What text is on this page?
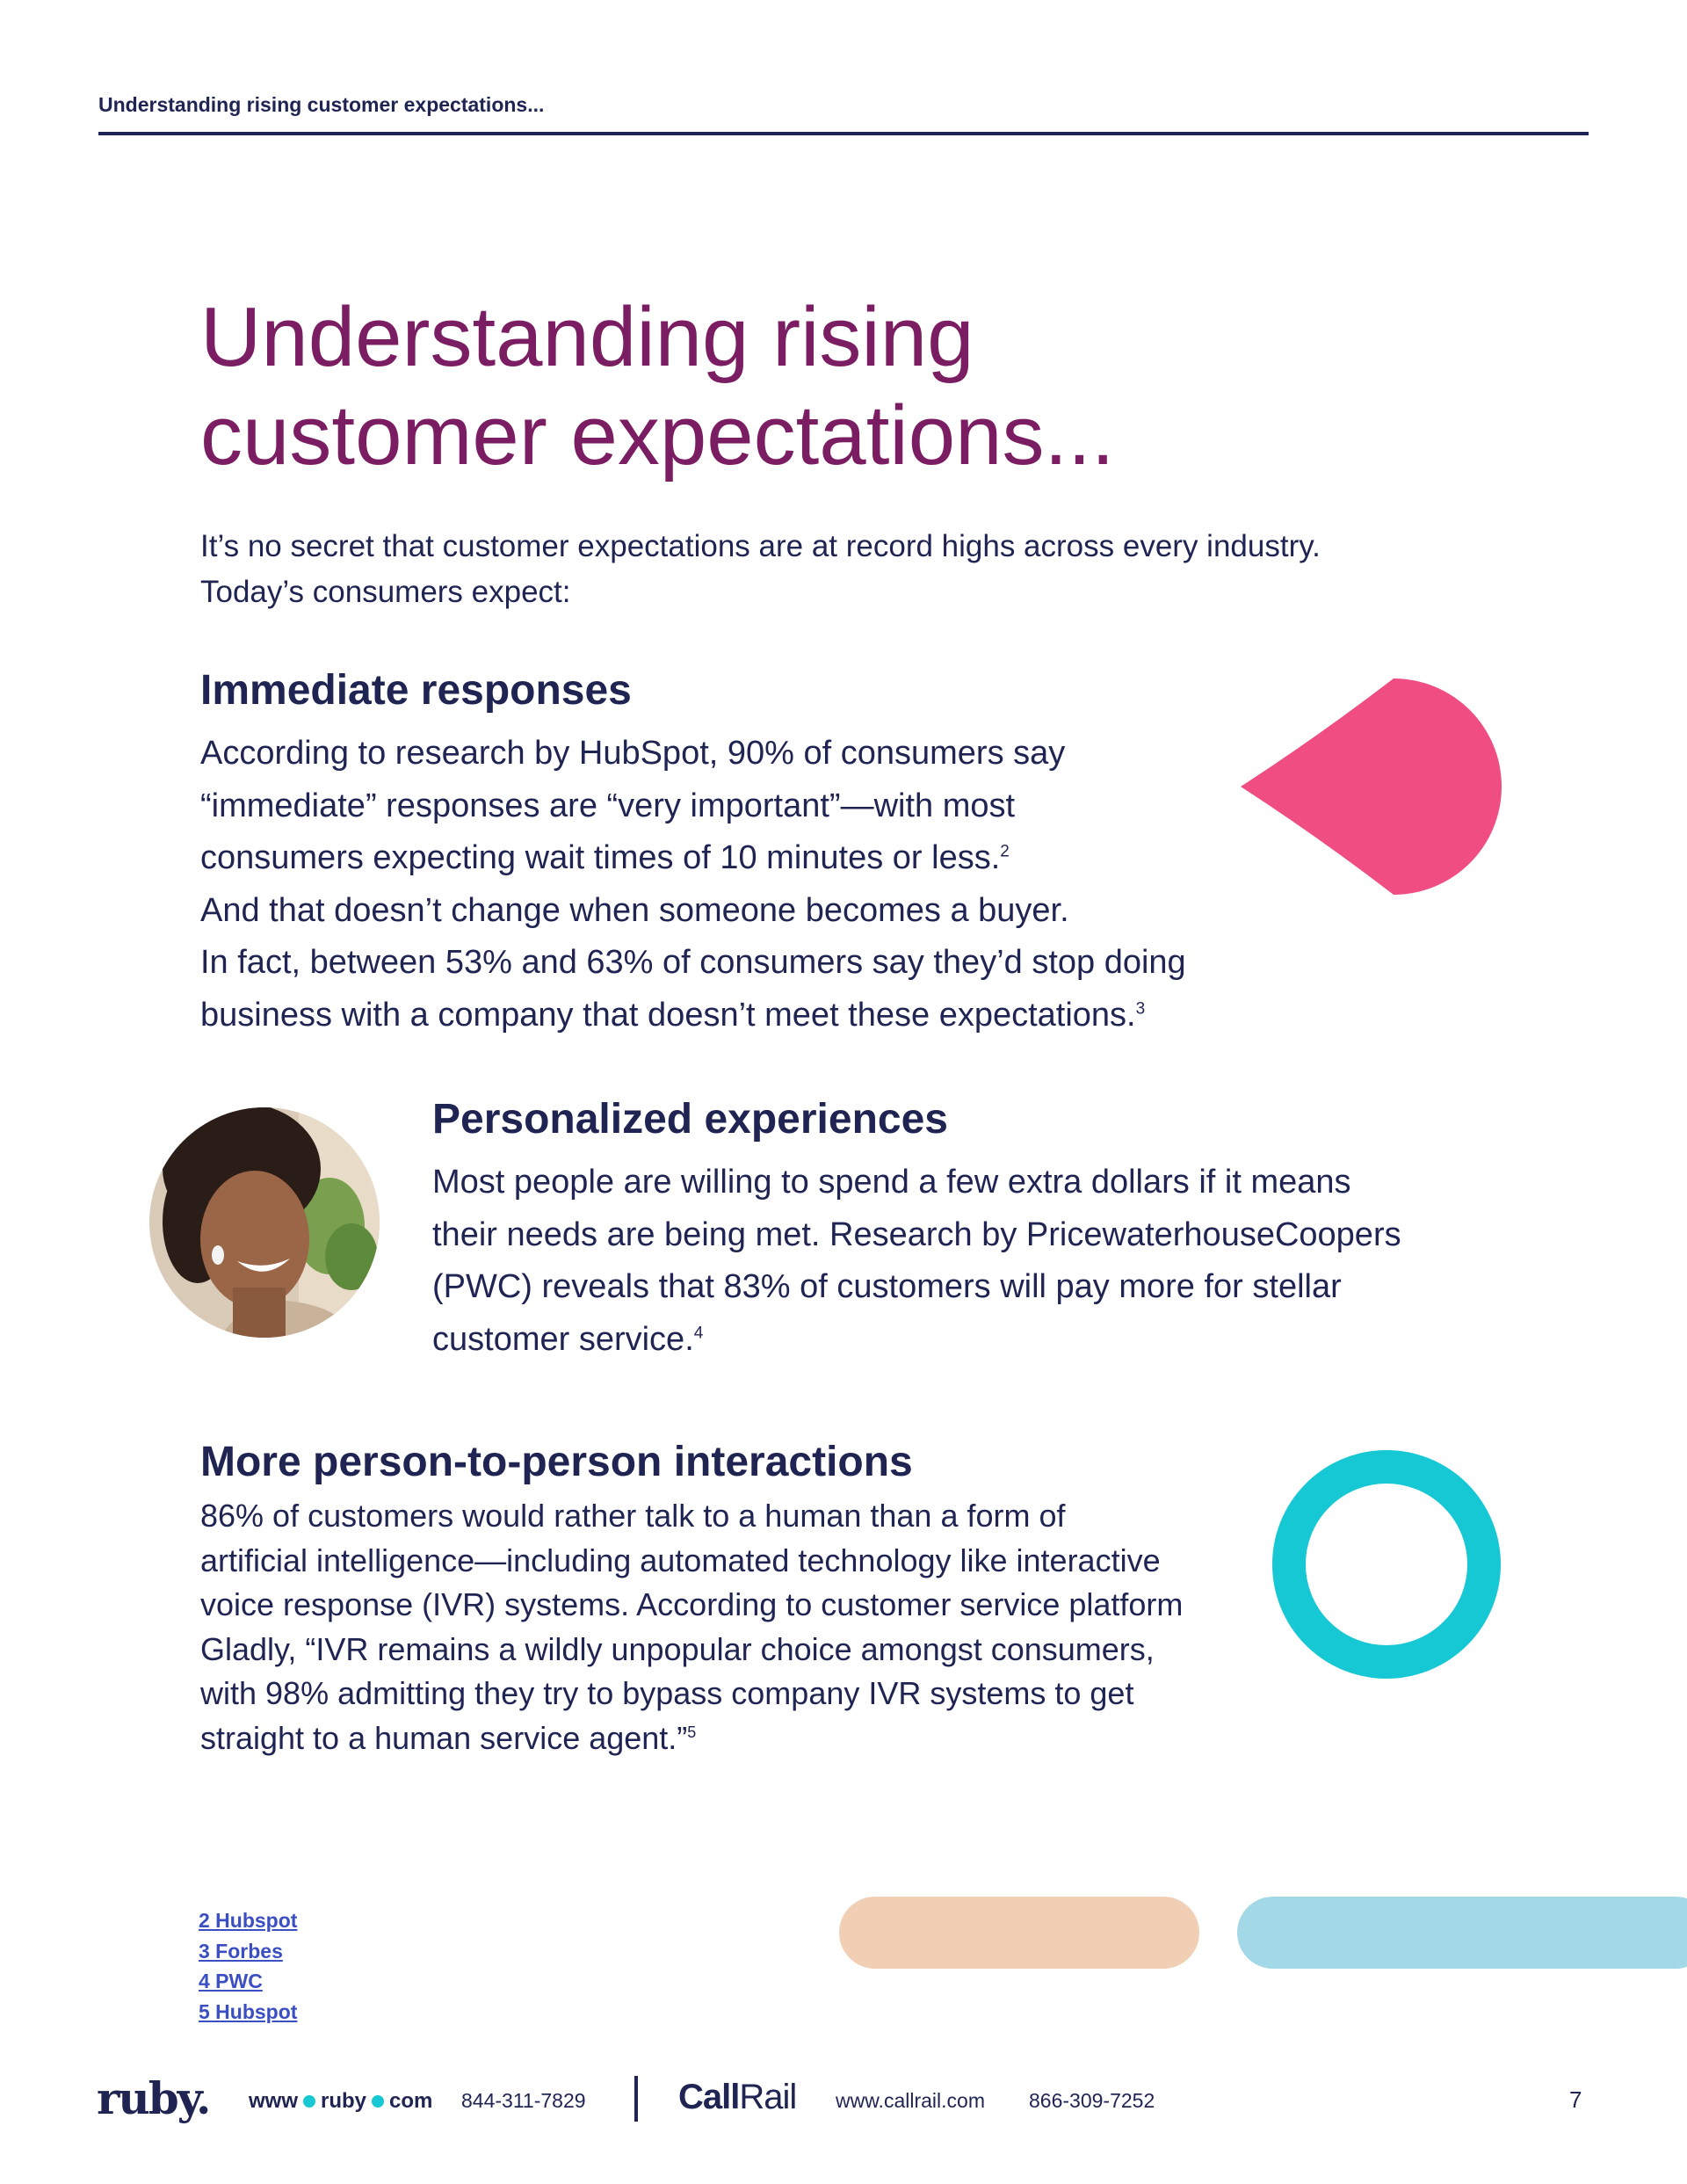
Understanding rising customer expectations...
Understanding rising
customer expectations...
It’s no secret that customer expectations are at record highs across every industry.
Today’s consumers expect:
Immediate responses
According to research by HubSpot, 90% of consumers say
“immediate” responses are “very important”—with most
consumers expecting wait times of 10 minutes or less.$^2$
And that doesn’t change when someone becomes a buyer.
In fact, between 53% and 63% of consumers say they’d stop doing
business with a company that doesn’t meet these expectations.$^3$
Personalized experiences
Most people are willing to spend a few extra dollars if it means
their needs are being met. Research by PricewaterhouseCoopers
(PWC) reveals that 83% of customers will pay more for stellar
customer service.$^4$
More person-to-person interactions
86% of customers would rather talk to a human than a form of
artificial intelligence—including automated technology like interactive
voice response (IVR) systems. According to customer service platform
Gladly, “IVR remains a wildly unpopular choice amongst consumers,
with 98% admitting they try to bypass company IVR systems to get
straight to a human service agent.”$^5$
2 Hubspot
3 Forbes
4 PWC
5 Hubspot
ruby. www ruby com 844-311-7829	CallRail www.callrail.com 866-309-7252	7
